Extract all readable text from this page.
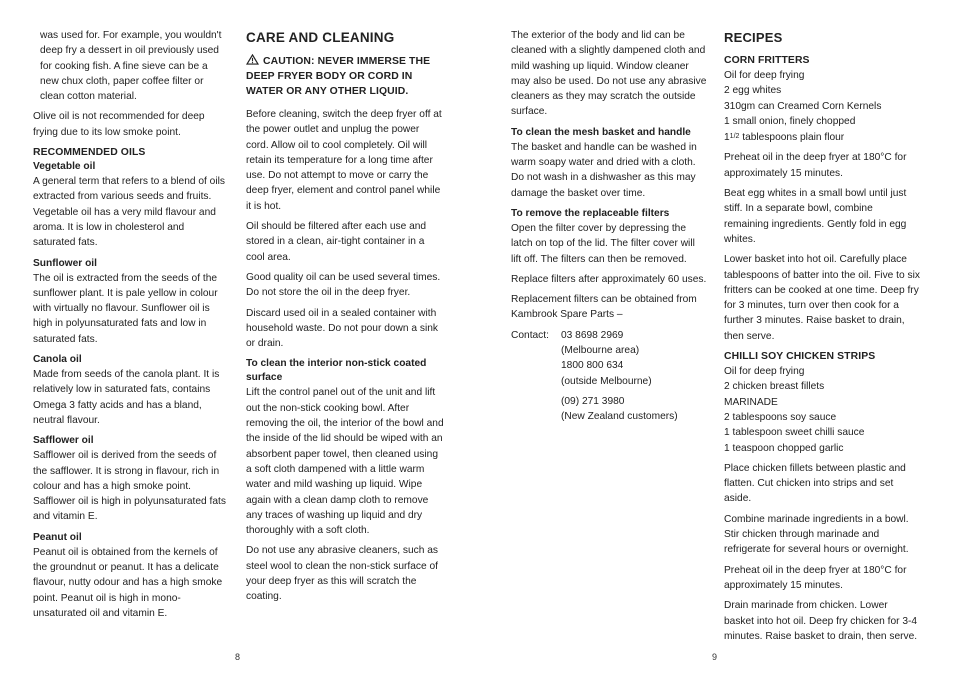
was used for. For example, you wouldn't deep fry a dessert in oil previously used for cooking fish. A fine sieve can be a new chux cloth, paper coffee filter or clean cotton material.

Olive oil is not recommended for deep frying due to its low smoke point.

RECOMMENDED OILS
Vegetable oil

A general term that refers to a blend of oils extracted from various seeds and fruits. Vegetable oil has a very mild flavour and aroma. It is low in cholesterol and saturated fats.

Sunflower oil

The oil is extracted from the seeds of the sunflower plant. It is pale yellow in colour with virtually no flavour. Sunflower oil is high in polyunsaturated fats and low in saturated fats.

Canola oil

Made from seeds of the canola plant. It is relatively low in saturated fats, contains Omega 3 fatty acids and has a bland, neutral flavour.

Safflower oil

Safflower oil is derived from the seeds of the safflower. It is strong in flavour, rich in colour and has a high smoke point. Safflower oil is high in polyunsaturated fats and vitamin E.

Peanut oil

Peanut oil is obtained from the kernels of the groundnut or peanut. It has a delicate flavour, nutty odour and has a high smoke point. Peanut oil is high in mono-unsaturated oil and vitamin E.

CARE AND CLEANING
CAUTION: NEVER IMMERSE THE DEEP FRYER BODY OR CORD IN WATER OR ANY OTHER LIQUID.

Before cleaning, switch the deep fryer off at the power outlet and unplug the power cord. Allow oil to cool completely. Oil will retain its temperature for a long time after use. Do not attempt to move or carry the deep fryer, element and control panel while it is hot.

Oil should be filtered after each use and stored in a clean, air-tight container in a cool area.

Good quality oil can be used several times. Do not store the oil in the deep fryer.

Discard used oil in a sealed container with household waste. Do not pour down a sink or drain.

To clean the interior non-stick coated surface

Lift the control panel out of the unit and lift out the non-stick cooking bowl. After removing the oil, the interior of the bowl and the inside of the lid should be wiped with an absorbent paper towel, then cleaned using a soft cloth dampened with a little warm water and mild washing up liquid. Wipe again with a clean damp cloth to remove any traces of washing up liquid and dry thoroughly with a soft cloth.

Do not use any abrasive cleaners, such as steel wool to clean the non-stick surface of your deep fryer as this will scratch the coating.

8

The exterior of the body and lid can be cleaned with a slightly dampened cloth and mild washing up liquid. Window cleaner may also be used. Do not use any abrasive cleaners as they may scratch the outside surface.

To clean the mesh basket and handle

The basket and handle can be washed in warm soapy water and dried with a cloth. Do not wash in a dishwasher as this may damage the basket over time.

To remove the replaceable filters

Open the filter cover by depressing the latch on top of the lid. The filter cover will lift off. The filters can then be removed.

Replace filters after approximately 60 uses.

Replacement filters can be obtained from Kambrook Spare Parts –

Contact:	03 8698 2969
(Melbourne area)
1800 800 634
(outside Melbourne)
(09) 271 3980
(New Zealand customers)
RECIPES
CORN FRITTERS

Oil for deep frying
2 egg whites
310gm can Creamed Corn Kernels
1 small onion, finely chopped
11/2 tablespoons plain flour

Preheat oil in the deep fryer at 180°C for approximately 15 minutes.

Beat egg whites in a small bowl until just stiff. In a separate bowl, combine remaining ingredients. Gently fold in egg whites.

Lower basket into hot oil. Carefully place tablespoons of batter into the oil. Five to six fritters can be cooked at one time. Deep fry for 3 minutes, turn over then cook for a further 3 minutes. Raise basket to drain, then serve.

CHILLI SOY CHICKEN STRIPS

Oil for deep frying
2 chicken breast fillets
MARINADE
2 tablespoons soy sauce
1 tablespoon sweet chilli sauce
1 teaspoon chopped garlic

Place chicken fillets between plastic and flatten. Cut chicken into strips and set aside.

Combine marinade ingredients in a bowl. Stir chicken through marinade and refrigerate for several hours or overnight.

Preheat oil in the deep fryer at 180°C for approximately 15 minutes.

Drain marinade from chicken. Lower basket into hot oil. Deep fry chicken for 3-4 minutes. Raise basket to drain, then serve.

9
